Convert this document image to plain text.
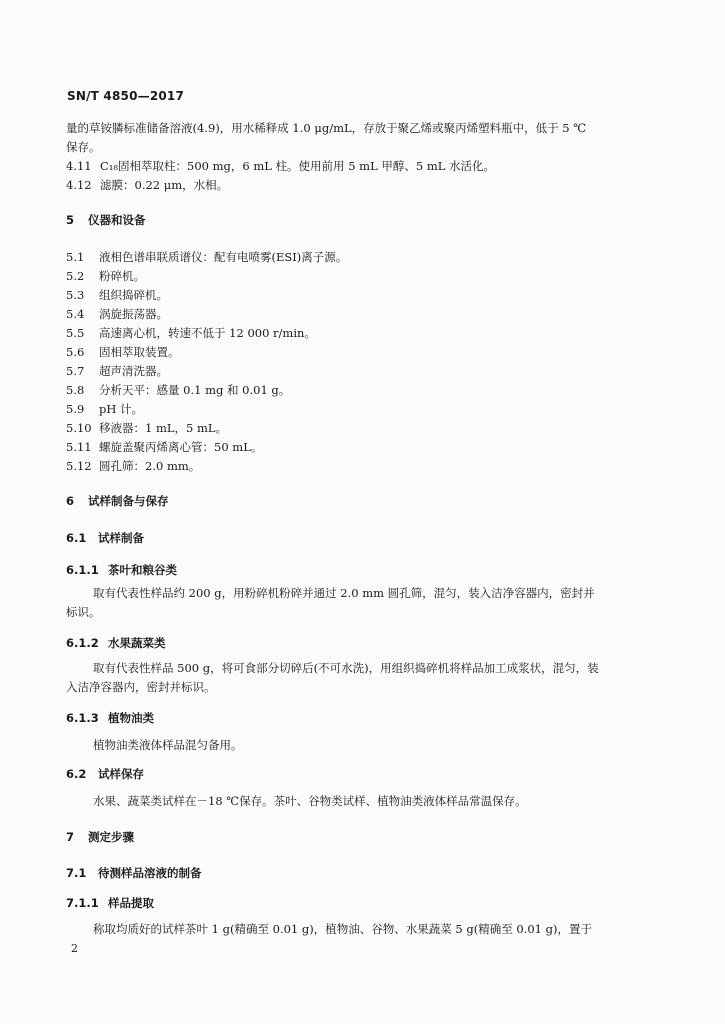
SN/T 4850—2017
量的草铵膦标准储备溶液(4.9)，用水稀释成 1.0 μg/mL，存放于聚乙烯或聚丙烯塑料瓶中，低于 5 ℃
保存。
4.11 C₁₈固相萃取柱：500 mg，6 mL 柱。使用前用 5 mL 甲醇、5 mL 水活化。
4.12 滤膜：0.22 μm，水相。
5 仪器和设备
5.1 液相色谱串联质谱仪：配有电喷雾(ESI)离子源。
5.2 粉碎机。
5.3 组织捣碎机。
5.4 涡旋振荡器。
5.5 高速离心机，转速不低于 12 000 r/min。
5.6 固相萃取装置。
5.7 超声清洗器。
5.8 分析天平：感量 0.1 mg 和 0.01 g。
5.9 pH 计。
5.10 移液器：1 mL，5 mL。
5.11 螺旋盖聚丙烯离心管：50 mL。
5.12 圆孔筛：2.0 mm。
6 试样制备与保存
6.1 试样制备
6.1.1 茶叶和粮谷类
取有代表性样品约 200 g，用粉碎机粉碎并通过 2.0 mm 圆孔筛，混匀，装入洁净容器内，密封并
标识。
6.1.2 水果蔬菜类
取有代表性样品 500 g，将可食部分切碎后(不可水洗)，用组织捣碎机将样品加工成浆状，混匀，装
入洁净容器内，密封并标识。
6.1.3 植物油类
植物油类液体样品混匀备用。
6.2 试样保存
水果、蔬菜类试样在－18 ℃保存。茶叶、谷物类试样、植物油类液体样品常温保存。
7 测定步骤
7.1 待测样品溶液的制备
7.1.1 样品提取
称取均质好的试样茶叶 1 g(精确至 0.01 g)，植物油、谷物、水果蔬菜 5 g(精确至 0.01 g)，置于
2
